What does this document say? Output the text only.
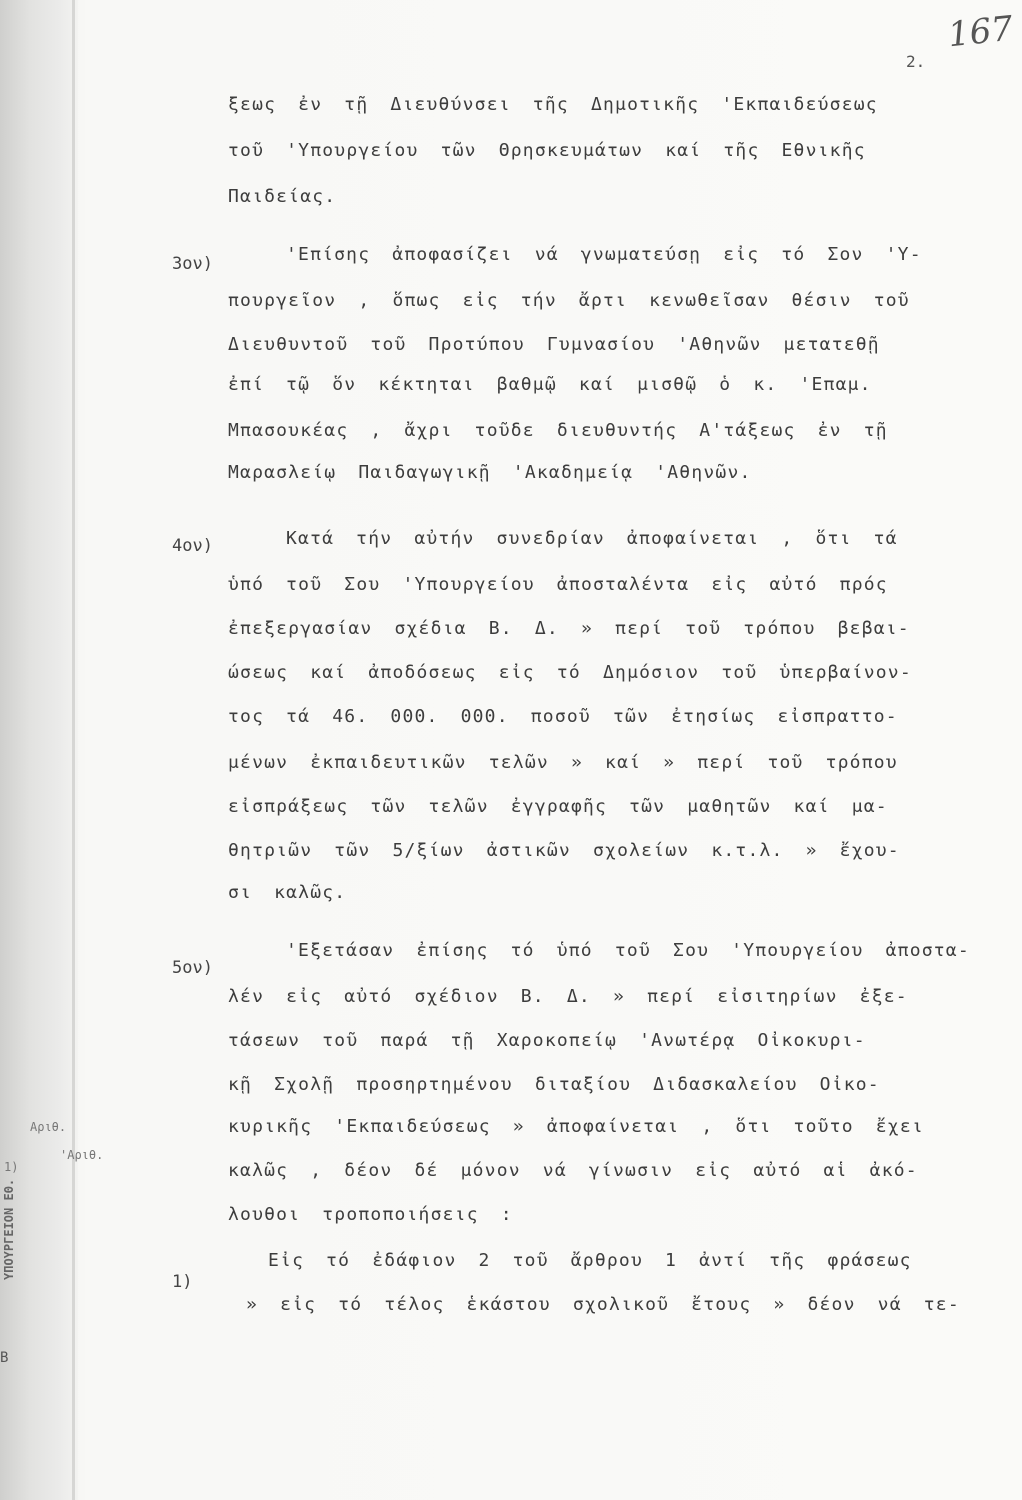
167
2.
ξεως ἐν τῇ Διευθύνσει τῆς Δημοτικῆς 'Εκπαιδεύσεως
τοῦ 'Υπουργείου τῶν Θρησκευμάτων καί τῆς Εθνικῆς
Παιδείας.
3ον)	'Επίσης ἀποφασίζει νά γνωματεύσῃ εἰς τό Σον 'Υ-
πουργεῖον , ὅπως εἰς τήν ἄρτι κενωθεῖσαν θέσιν τοῦ
Διευθυντοῦ τοῦ Προτύπου Γυμνασίου 'Αθηνῶν μετατεθῇ
ἐπί τῷ ὅν κέκτηται βαθμῷ καί μισθῷ ὁ κ. 'Επαμ.
Μπασουκέας , ἄχρι τοῦδε διευθυντής Α'τάξεως ἐν τῇ
Μαρασλείῳ Παιδαγωγικῇ 'Ακαδημείᾳ 'Αθηνῶν.
4ον)	Κατά τήν αὐτήν συνεδρίαν ἀποφαίνεται , ὅτι τά
ὑπό τοῦ Σου 'Υπουργείου ἀποσταλέντα εἰς αὐτό πρός
ἐπεξεργασίαν σχέδια Β. Δ. » περί τοῦ τρόπου βεβαι-
ώσεως καί ἀποδόσεως εἰς τό Δημόσιον τοῦ ὑπερβαίνον-
τος τά 46. 000. 000. ποσοῦ τῶν ἐτησίως εἰσπραττο-
μένων ἐκπαιδευτικῶν τελῶν » καί » περί τοῦ τρόπου
εἰσπράξεως τῶν τελῶν ἐγγραφῆς τῶν μαθητῶν καί μα-
θητριῶν τῶν 5/ξίων ἀστικῶν σχολείων κ.τ.λ. » ἔχου-
σι καλῶς.
5ον)
'Εξετάσαν ἐπίσης τό ὑπό τοῦ Σου 'Υπουργείου ἀποστα-
λέν εἰς αὐτό σχέδιον Β. Δ. » περί εἰσιτηρίων ἐξε-
τάσεων τοῦ παρά τῇ Χαροκοπείῳ 'Ανωτέρᾳ Οἰκοκυρι-
κῇ Σχολῇ προσηρτημένου διταξίου Διδασκαλείου Οἰκο-
κυρικῆς 'Εκπαιδεύσεως » ἀποφαίνεται , ὅτι τοῦτο ἔχει
καλῶς , δέον δέ μόνον νά γίνωσιν εἰς αὐτό αἱ ἀκό-
λουθοι τροποποιήσεις :
1)
Εἰς τό ἐδάφιον 2 τοῦ ἄρθρου 1 ἀντί τῆς φράσεως
» εἰς τό τέλος ἑκάστου σχολικοῦ ἔτους » δέον νά τε-
Αριθ.
'Αριθ.
1)
ΥΠΟΥΡΓΕΙΟΝ ΕΘ.
B
